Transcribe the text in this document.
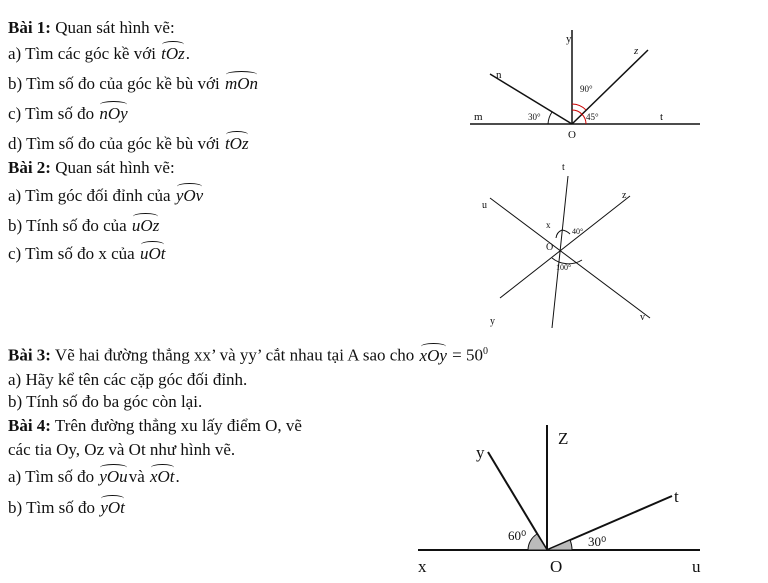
Bài 1: Quan sát hình vẽ:
a) Tìm các góc kề với tOz.
b) Tìm số đo của góc kề bù với mOn
c) Tìm số đo nOy
d) Tìm số đo của góc kề bù với tOz
Bài 2: Quan sát hình vẽ:
a) Tìm góc đối đỉnh của yOv
b) Tính số đo của uOz
c) Tìm số đo x của uOt
Bài 3: Vẽ hai đường thẳng xx’ và yy’ cắt nhau tại A sao cho xOy = $50^0$
a) Hãy kể tên các cặp góc đối đỉnh.
b) Tính số đo ba góc còn lại.
Bài 4: Trên đường thẳng xu lấy điểm O, vẽ
các tia Oy, Oz và Ot như hình vẽ.
a) Tìm số đo yOuvà xOt.
b) Tìm số đo yOt
y
z
n
m	t
O
90°
30°	45°
t
z
u
x
O
40°
100°
y	v
Z
y
t
60⁰	30⁰
x	O	u
